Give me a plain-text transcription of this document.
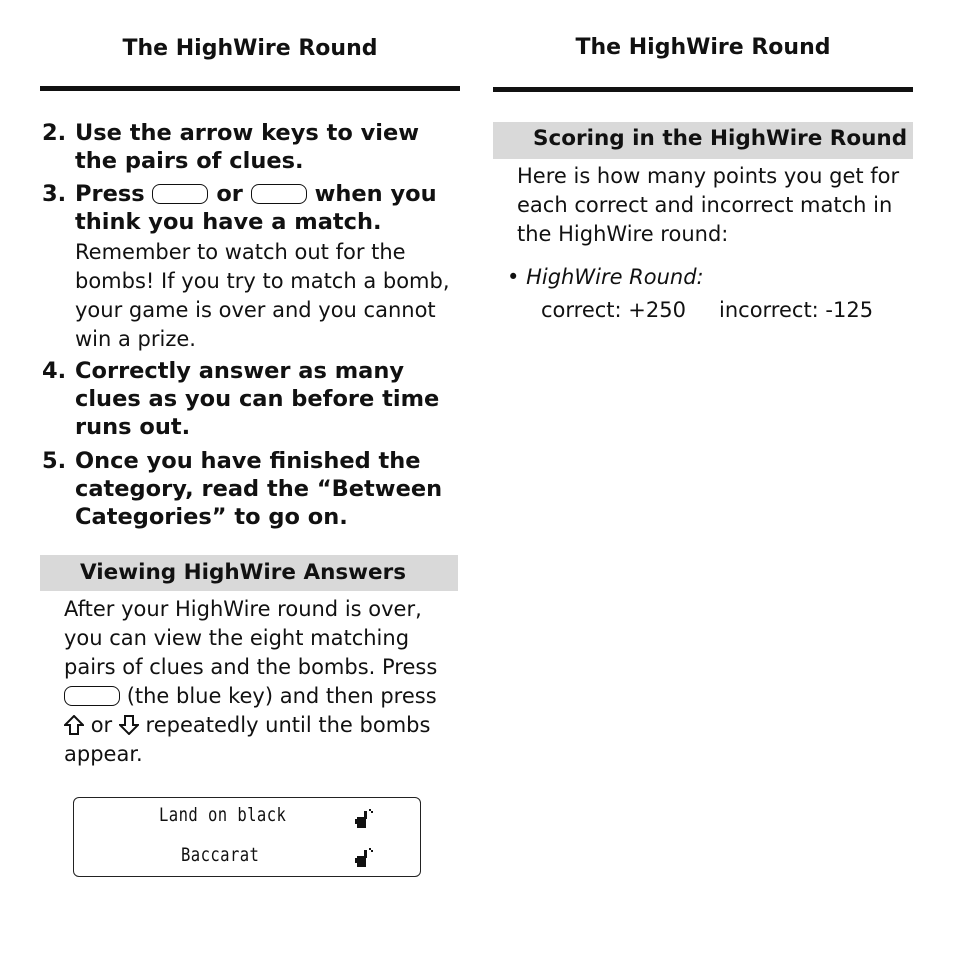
The HighWire Round
2. Use the arrow keys to view
the pairs of clues.
3. Press	or	when you
think you have a match.
Remember to watch out for the
bombs! If you try to match a bomb,
your game is over and you cannot
win a prize.
4. Correctly answer as many
clues as you can before time
runs out.
5. Once you have finished the
category, read the “Between
Categories” to go on.
Viewing HighWire Answers
After your HighWire round is over,
you can view the eight matching
pairs of clues and the bombs. Press
(the blue key) and then press
or repeatedly until the bombs
appear.
Land on black
Baccarat
The HighWire Round
Scoring in the HighWire Round
Here is how many points you get for
each correct and incorrect match in
the HighWire round:
• HighWire Round:
correct: +250 incorrect: -125
